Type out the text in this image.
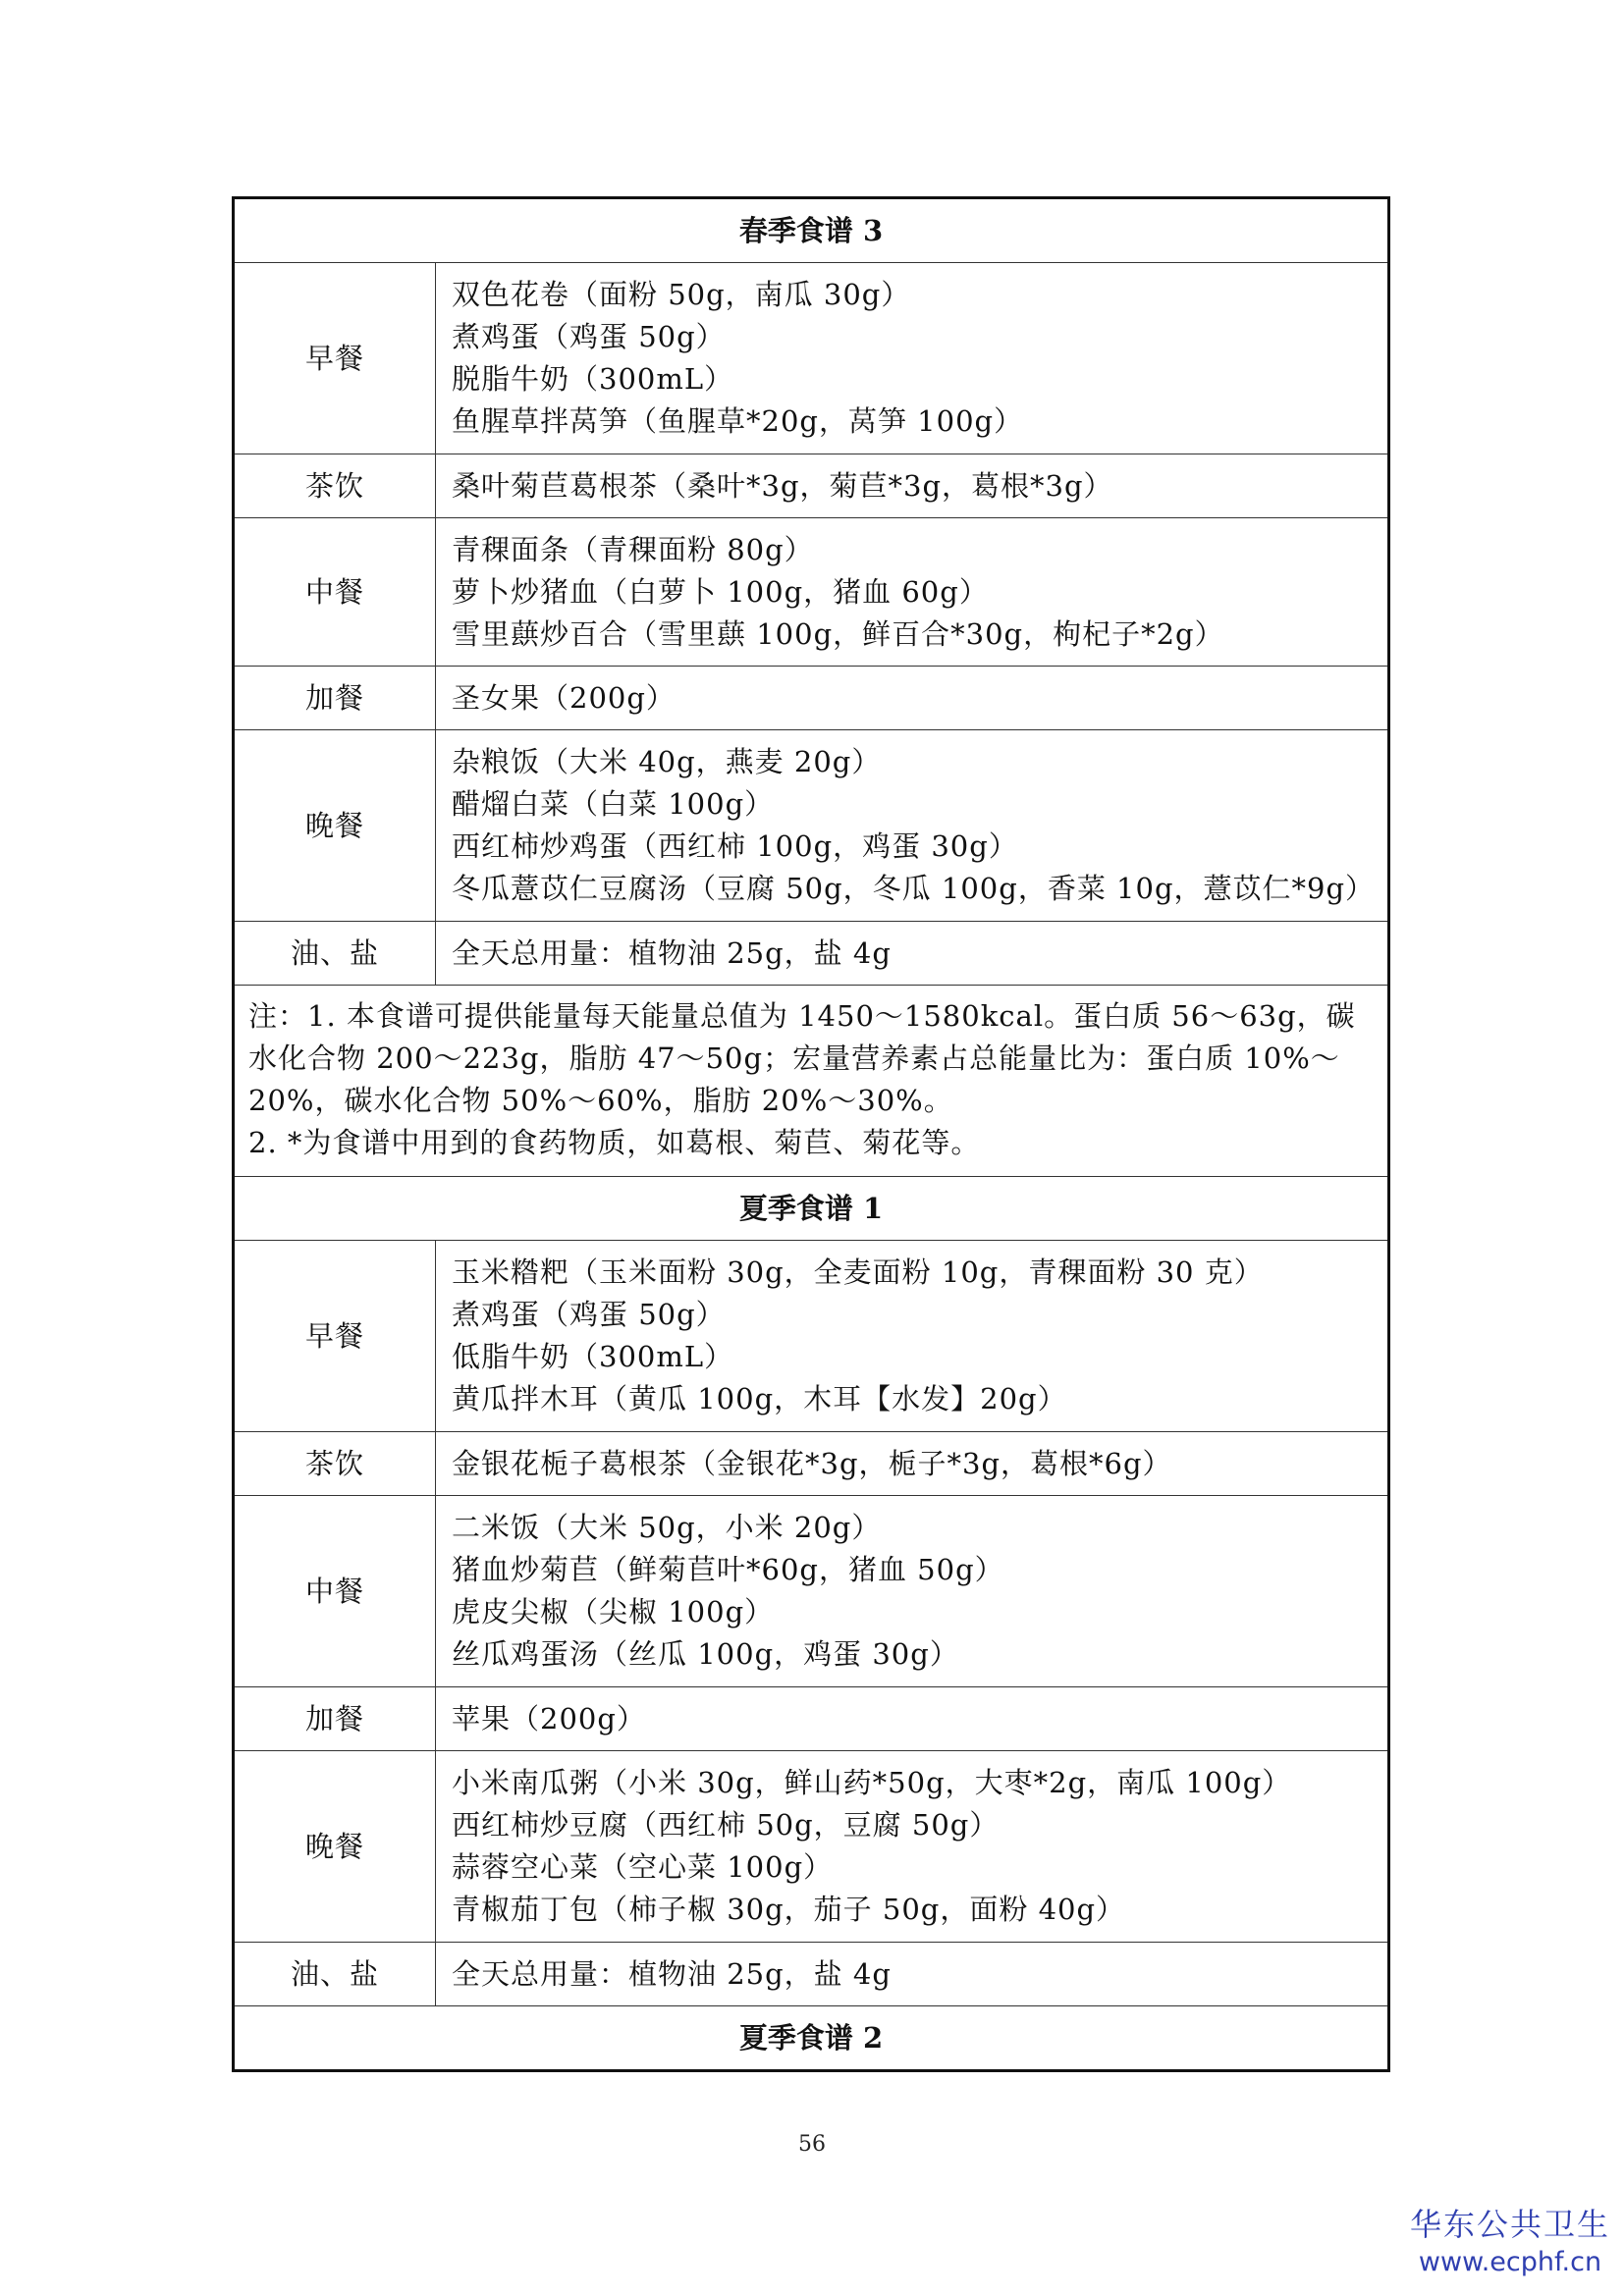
春季食谱 3	
早餐	双色花卷（面粉 50g，南瓜 30g）
煮鸡蛋（鸡蛋 50g）
脱脂牛奶（300mL）
鱼腥草拌莴笋（鱼腥草*20g，莴笋 100g）

茶饮	桑叶菊苣葛根茶（桑叶*3g，菊苣*3g，葛根*3g）

中餐	青稞面条（青稞面粉 80g）
萝卜炒猪血（白萝卜 100g，猪血 60g）
雪里蕻炒百合（雪里蕻 100g，鲜百合*30g，枸杞子*2g）

加餐	圣女果（200g）

晚餐	杂粮饭（大米 40g，燕麦 20g）
醋熘白菜（白菜 100g）
西红柿炒鸡蛋（西红柿 100g，鸡蛋 30g）
冬瓜薏苡仁豆腐汤（豆腐 50g，冬瓜 100g，香菜 10g，薏苡仁*9g）

油、盐	全天总用量：植物油 25g，盐 4g

注：1. 本食谱可提供能量每天能量总值为 1450～1580kcal。蛋白质 56～63g，碳水化合物 200～223g，脂肪 47～50g；宏量营养素占总能量比为：蛋白质 10%～20%，碳水化合物 50%～60%，脂肪 20%～30%。
2. *为食谱中用到的食药物质，如葛根、菊苣、菊花等。	

夏季食谱 1	
早餐	玉米糌粑（玉米面粉 30g，全麦面粉 10g，青稞面粉 30 克）
煮鸡蛋（鸡蛋 50g）
低脂牛奶（300mL）
黄瓜拌木耳（黄瓜 100g，木耳【水发】20g）

茶饮	金银花栀子葛根茶（金银花*3g，栀子*3g，葛根*6g）

中餐	二米饭（大米 50g，小米 20g）
猪血炒菊苣（鲜菊苣叶*60g，猪血 50g）
虎皮尖椒（尖椒 100g）
丝瓜鸡蛋汤（丝瓜 100g，鸡蛋 30g）

加餐	苹果（200g）

晚餐	小米南瓜粥（小米 30g，鲜山药*50g，大枣*2g，南瓜 100g）
西红柿炒豆腐（西红柿 50g，豆腐 50g）
蒜蓉空心菜（空心菜 100g）
青椒茄丁包（柿子椒 30g，茄子 50g，面粉 40g）

油、盐	全天总用量：植物油 25g，盐 4g

夏季食谱 2	
56
华东公共卫生
www.ecphf.cn
